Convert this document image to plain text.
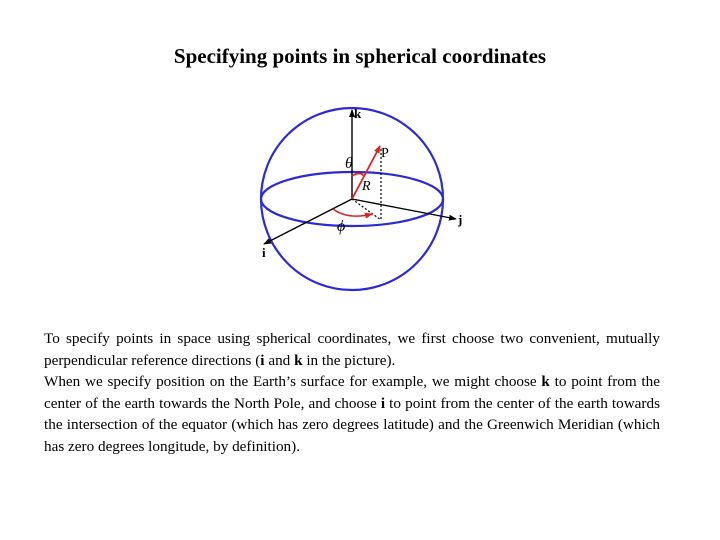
Specifying points in spherical coordinates
k
P
θ
R
j
ϕ
i

To specify points in space using spherical coordinates, we first choose two convenient, mutually perpendicular reference directions (i and k in the picture).

When we specify position on the Earth’s surface for example, we might choose k to point from the center of the earth towards the North Pole, and choose i to point from the center of the earth towards the intersection of the equator (which has zero degrees latitude) and the Greenwich Meridian (which has zero degrees longitude, by definition).
